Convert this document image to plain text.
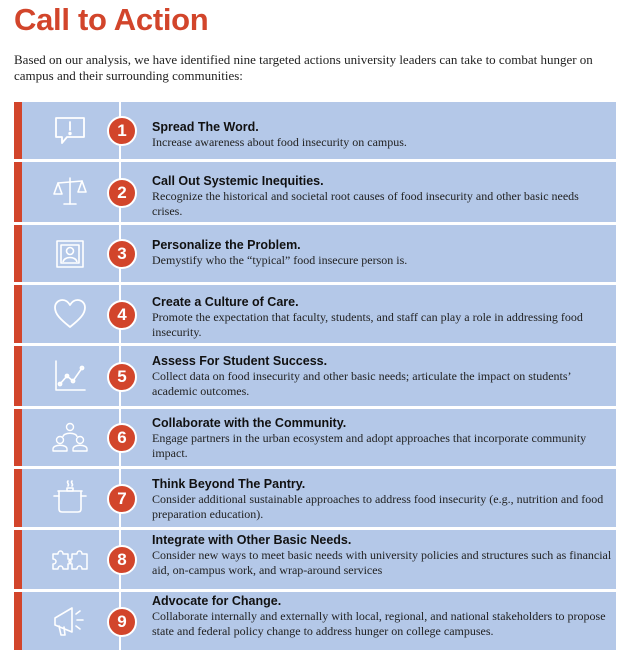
Call to Action

Based on our analysis, we have identified nine targeted actions university leaders can take to combat hunger on campus and their surrounding communities:

1	Spread The Word.
Increase awareness about food insecurity on campus.
2
Call Out Systemic Inequities.
Recognize the historical and societal root causes of food insecurity and other basic needs crises.
3	Personalize the Problem.
Demystify who the “typical” food insecure person is.
4
Create a Culture of Care.
Promote the expectation that faculty, students, and staff can play a role in addressing food insecurity.
5
Assess For Student Success.
Collect data on food insecurity and other basic needs; articulate the impact on students’ academic outcomes.
6
Collaborate with the Community.
Engage partners in the urban ecosystem and adopt approaches that incorporate community impact.
7
Think Beyond The Pantry.
Consider additional sustainable approaches to address food insecurity (e.g., nutrition and food preparation education).
8
Integrate with Other Basic Needs.
Consider new ways to meet basic needs with university policies and structures such as financial aid, on-campus work, and wrap-around services
9
Advocate for Change.
Collaborate internally and externally with local, regional, and national stakeholders to propose state and federal policy change to address hunger on college campuses.
